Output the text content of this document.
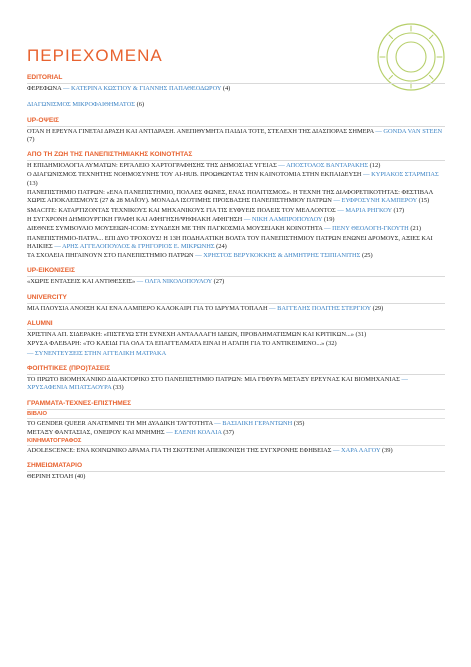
ΠΕΡΙΕΧΟΜΕΝΑ
EDITORIAL

ΦΕΡΕΦΩΝΑ — ΚΑΤΕΡΙΝΑ ΚΩΣΤΙΟΥ & ΓΙΑΝΝΗΣ ΠΑΠΑΘΕΟΔΩΡΟΥ (4)

ΔΙΑΓΩΝΙΣΜΟΣ ΜΙΚΡΟΦΑΙΘΗΜΑΤΟΣ (6)

UP-ΟΨΕΙΣ

ΟΤΑΝ Η ΕΡΕΥΝΑ ΓΙΝΕΤΑΙ ΔΡΑΣΗ ΚΑΙ ΑΝΤΙΔΡΑΣΗ. ΑΝΕΠΙΘΥΜΗΤΑ ΠΑΙΔΙΑ ΤΟΤΕ, ΣΤΕΛΕΧΗ ΤΗΣ ΔΙΑΣΠΟΡΑΣ ΣΗΜΕΡΑ — GONDA VAN STEEN (7)

ΑΠΟ ΤΗ ΖΩΗ ΤΗΣ ΠΑΝΕΠΙΣΤΗΜΙΑΚΗΣ ΚΟΙΝΟΤΗΤΑΣ

Η ΕΠΙΔΗΜΙΟΛΟΓΙΑ ΛΥΜΑΤΩΝ: ΕΡΓΑΛΕΙΟ ΧΑΡΤΟΓΡΑΦΗΣΗΣ ΤΗΣ ΔΗΜΟΣΙΑΣ ΥΓΕΙΑΣ — ΑΠΟΣΤΟΛΟΣ ΒΑΝΤΑΡΑΚΗΣ (12)

Ο ΔΙΑΓΩΝΙΣΜΟΣ ΤΕΧΝΗΤΗΣ ΝΟΗΜΟΣΥΝΗΣ ΤΟΥ AI-HUB. ΠΡΟΩΘΩΝΤΑΣ ΤΗΝ ΚΑΙΝΟΤΟΜΙΑ ΣΤΗΝ ΕΚΠΑΙΔΕΥΣΗ — ΚΥΡΙΑΚΟΣ ΣΤΑΡΜΠΑΣ (13)

ΠΑΝΕΠΙΣΤΗΜΙΟ ΠΑΤΡΩΝ: «ΕΝΑ ΠΑΝΕΠΙΣΤΗΜΙΟ, ΠΟΛΛΕΣ ΦΩΝΕΣ, ΕΝΑΣ ΠΟΛΙΤΙΣΜΟΣ». Η ΤΕΧΝΗ ΤΗΣ ΔΙΑΦΟΡΕΤΙΚΟΤΗΤΑΣ: ΦΕΣΤΙΒΑΛ ΧΩΡΙΣ ΑΠΟΚΛΕΙΣΜΟΥΣ (27 & 28 ΜΑΪΟΥ). ΜΟΝΑΔΑ ΙΣΟΤΙΜΗΣ ΠΡΟΣΒΑΣΗΣ ΠΑΝΕΠΙΣΤΗΜΙΟΥ ΠΑΤΡΩΝ — ΕΥΦΡΟΣΥΝΗ ΚΑΜΠΕΡΟΥ (15)

SMACITE: ΚΑΤΑΡΤΙΖΟΝΤΑΣ ΤΕΧΝΙΚΟΥΣ ΚΑΙ ΜΗΧΑΝΙΚΟΥΣ ΓΙΑ ΤΙΣ ΕΥΦΥΕΙΣ ΠΟΛΕΙΣ ΤΟΥ ΜΕΛΛΟΝΤΟΣ — ΜΑΡΙΑ ΡΗΓΚΟΥ (17)

Η ΣΥΓΧΡΟΝΗ ΔΗΜΙΟΥΡΓΙΚΗ ΓΡΑΦΗ ΚΑΙ ΑΦΗΓΗΣΗ/ΨΗΦΙΑΚΗ ΑΦΗΓΗΣΗ — ΝΙΚΗ ΛΑΜΠΡΟΠΟΥΛΟΥ (19)

ΔΙΕΘΝΕΣ ΣΥΜΒΟΥΛΙΟ ΜΟΥΣΕΙΩΝ-ICOM: ΣΥΝΔΕΣΗ ΜΕ ΤΗΝ ΠΑΓΚΟΣΜΙΑ ΜΟΥΣΕΙΑΚΗ ΚΟΙΝΟΤΗΤΑ — ΠΕΝΥ ΘΕΟΛΟΓΗ-ΓΚΟΥΤΗ (21)

ΠΑΝΕΠΙΣΤΗΜΙΟ-ΠΑΤΡΑ... ΕΠΙ ΔΥΟ ΤΡΟΧΟΥΣ! Η 13Η ΠΟΔΗΛΑΤΙΚΗ ΒΟΛΤΑ ΤΟΥ ΠΑΝΕΠΙΣΤΗΜΙΟΥ ΠΑΤΡΩΝ ΕΝΩΝΕΙ ΔΡΟΜΟΥΣ, ΑΞΙΕΣ ΚΑΙ ΗΛΙΚΙΕΣ — ΑΡΗΣ ΑΓΓΕΛΟΠΟΥΛΟΣ & ΓΡΗΓΟΡΙΟΣ Ε. ΜΙΚΡΩΝΗΣ (24)

ΤΑ ΣΧΟΛΕΙΑ ΠΗΓΑΙΝΟΥΝ ΣΤΟ ΠΑΝΕΠΙΣΤΗΜΙΟ ΠΑΤΡΩΝ — ΧΡΗΣΤΟΣ ΒΕΡΥΚΟΚΚΗΣ & ΔΗΜΗΤΡΗΣ ΤΣΙΠΙΑΝΙΤΗΣ (25)

UP-ΕΙΚΟΝΙΣΕΙΣ

«ΧΩΡΙΣ ΕΝΤΑΣΕΙΣ ΚΑΙ ΑΝΤΙΘΕΣΕΙΣ» — ΟΛΓΑ ΝΙΚΟΛΟΠΟΥΛΟΥ (27)

UNIVERCITY

ΜΙΑ ΠΛΟΥΣΙΑ ΑΝΟΙΞΗ ΚΑΙ ΕΝΑ ΛΑΜΠΕΡΟ ΚΑΛΟΚΑΙΡΙ ΓΙΑ ΤΟ ΙΔΡΥΜΑ ΤΟΠΑΛΗ — ΒΑΓΓΕΛΗΣ ΠΟΛΙΤΗΣ ΣΤΕΡΓΙΟΥ (29)

ALUMNI

ΧΡΙΣΤΙΝΑ ΑΠ. ΣΙΔΕΡΑΚΗ: «ΠΙΣΤΕΥΩ ΣΤΗ ΣΥΝΕΧΗ ΑΝΤΑΛΛΑΓΗ ΙΔΕΩΝ, ΠΡΟΒΛΗΜΑΤΙΣΜΩΝ ΚΑΙ ΚΡΙΤΙΚΩΝ...» (31)

ΧΡΥΣΑ ΦΛΕΒΑΡΗ: «ΤΟ ΚΛΕΙΔΙ ΓΙΑ ΟΛΑ ΤΑ ΕΠΑΓΓΕΛΜΑΤΑ ΕΙΝΑΙ Η ΑΓΑΠΗ ΓΙΑ ΤΟ ΑΝΤΙΚΕΙΜΕΝΟ...» (32)

— ΣΥΝΕΝΤΕΥΞΕΙΣ ΣΤΗΝ ΑΓΓΕΛΙΚΗ ΜΑΤΡΑΚΑ

ΦΟΙΤΗΤΙΚΕΣ (ΠΡΟ)ΤΑΣΕΙΣ

ΤΟ ΠΡΩΤΟ ΒΙΟΜΗΧΑΝΙΚΟ ΔΙΔΑΚΤΟΡΙΚΟ ΣΤΟ ΠΑΝΕΠΙΣΤΗΜΙΟ ΠΑΤΡΩΝ: ΜΙΑ ΓΕΦΥΡΑ ΜΕΤΑΞΥ ΕΡΕΥΝΑΣ ΚΑΙ ΒΙΟΜΗΧΑΝΙΑΣ — ΧΡΥΣΑΦΕΝΙΑ ΜΠΑΤΣΑΟΥΡΑ (33)

ΓΡΑΜΜΑΤΑ-ΤΕΧΝΕΣ-ΕΠΙΣΤΗΜΕΣ
ΒΙΒΛΙΟ

TO GENDER QUEER ΑΝΑΤΕΜΝΕΙ ΤΗ ΜΗ ΔΥΑΔΙΚΗ ΤΑΥΤΟΤΗΤΑ — ΒΑΣΙΛΙΚΗ ΓΕΡΑΝΤΩΝΗ (35)

ΜΕΤΑΞΥ ΦΑΝΤΑΣΙΑΣ, ΟΝΕΙΡΟΥ ΚΑΙ ΜΝΗΜΗΣ — ΕΛΕΝΗ ΚΟΛΛΙΑ (37)

ΚΙΝΗΜΑΤΟΓΡΑΦΟΣ

ADOLESCENCE: ΕΝΑ ΚΟΙΝΩΝΙΚΟ ΔΡΑΜΑ ΓΙΑ ΤΗ ΣΚΟΤΕΙΝΗ ΑΠΕΙΚΟΝΙΣΗ ΤΗΣ ΣΥΓΧΡΟΝΗΣ ΕΦΗΒΕΙΑΣ — ΧΑΡΑ ΛΑΓΟΥ (39)

ΣΗΜΕΙΩΜΑΤΑΡΙΟ

ΘΕΡΙΝΗ ΣΤΟΛΗ (40)
